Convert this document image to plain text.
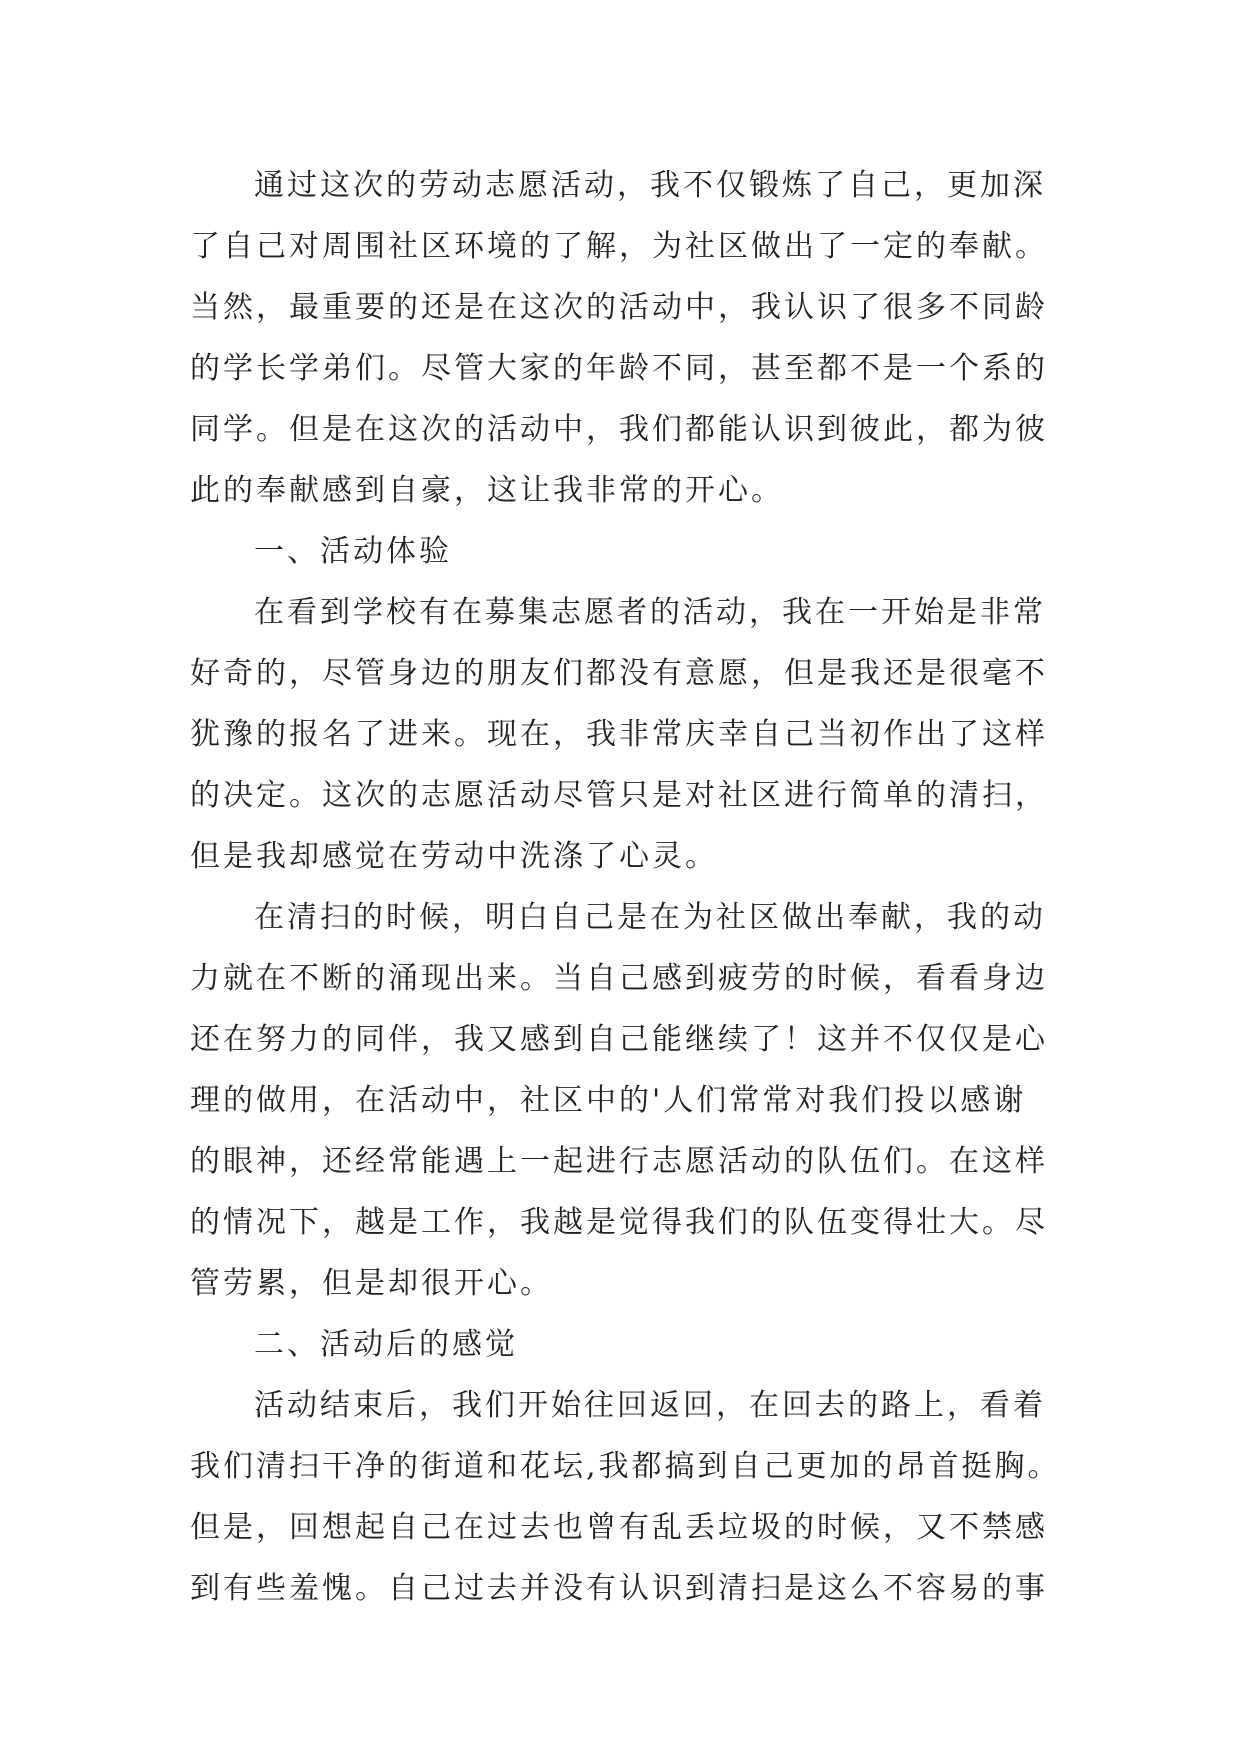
通过这次的劳动志愿活动，我不仅锻炼了自己，更加深
了自己对周围社区环境的了解，为社区做出了一定的奉献。
当然，最重要的还是在这次的活动中，我认识了很多不同龄
的学长学弟们。尽管大家的年龄不同，甚至都不是一个系的
同学。但是在这次的活动中，我们都能认识到彼此，都为彼
此的奉献感到自豪，这让我非常的开心。
一、活动体验
在看到学校有在募集志愿者的活动，我在一开始是非常
好奇的，尽管身边的朋友们都没有意愿，但是我还是很毫不
犹豫的报名了进来。现在，我非常庆幸自己当初作出了这样
的决定。这次的志愿活动尽管只是对社区进行简单的清扫，
但是我却感觉在劳动中洗涤了心灵。
在清扫的时候，明白自己是在为社区做出奉献，我的动
力就在不断的涌现出来。当自己感到疲劳的时候，看看身边
还在努力的同伴，我又感到自己能继续了！这并不仅仅是心
理的做用，在活动中，社区中的'人们常常对我们投以感谢
的眼神，还经常能遇上一起进行志愿活动的队伍们。在这样
的情况下，越是工作，我越是觉得我们的队伍变得壮大。尽
管劳累，但是却很开心。
二、活动后的感觉
活动结束后，我们开始往回返回，在回去的路上，看着
我们清扫干净的街道和花坛,我都搞到自己更加的昂首挺胸。
但是，回想起自己在过去也曾有乱丢垃圾的时候，又不禁感
到有些羞愧。自己过去并没有认识到清扫是这么不容易的事
